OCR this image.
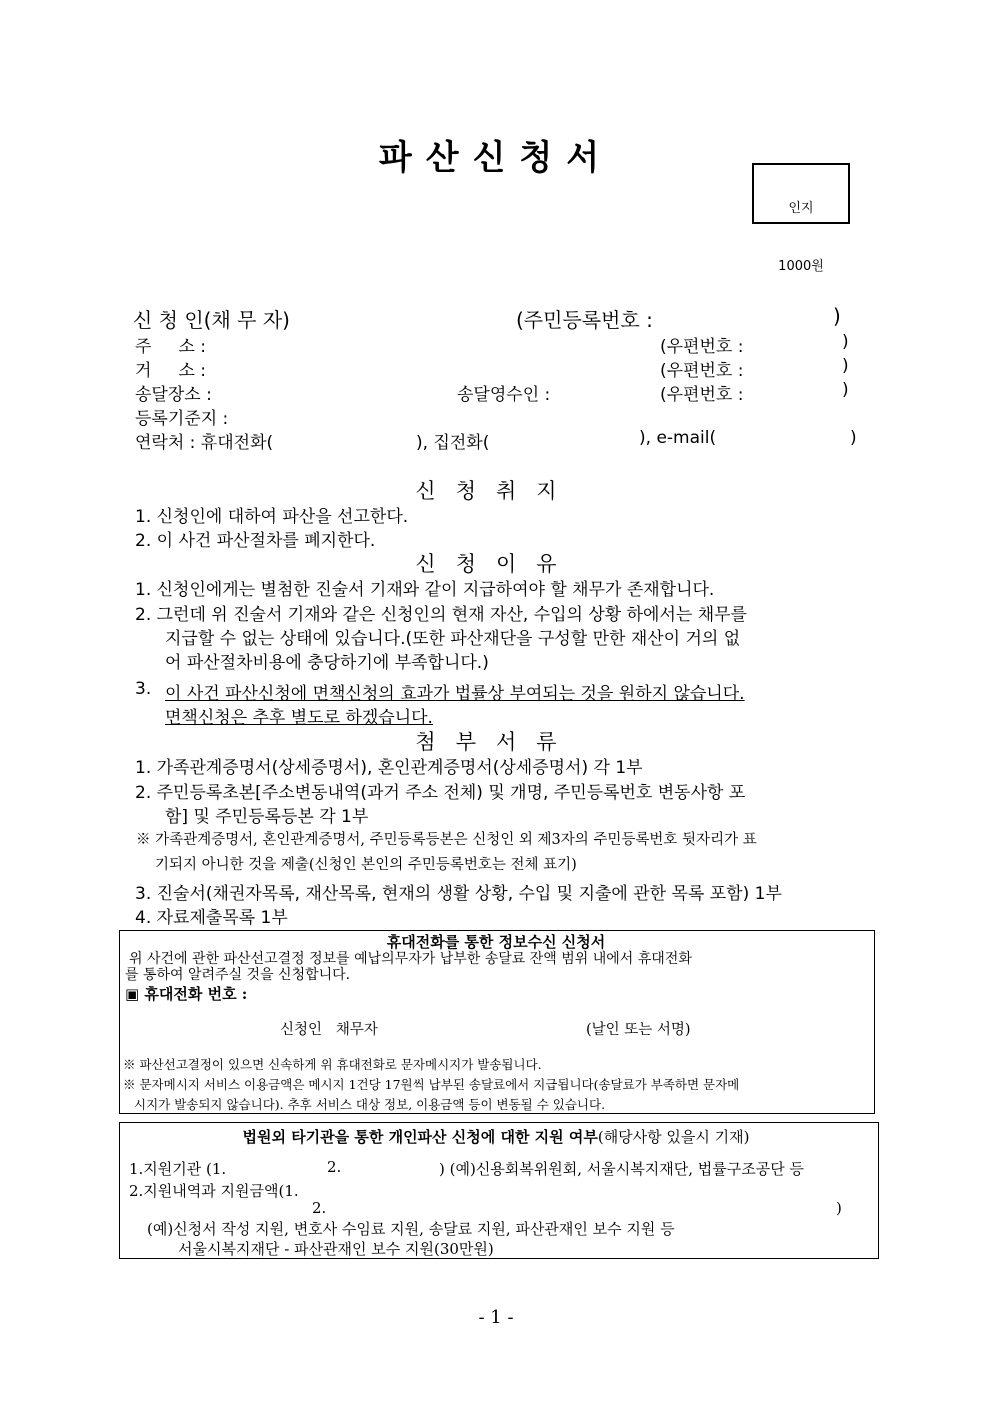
파산신청서

인지

1000원

신 청 인(채 무 자)	(주민등록번호 :	)
주     소 :	(우편번호 :	)
거     소 :	(우편번호 :	)
송달장소 :	송달영수인 :	(우편번호 :	)
등록기준지 :
연락처 : 휴대전화(	), 집전화(	), e-mail(	)
신청취지
1. 신청인에 대하여 파산을 선고한다.
2. 이 사건 파산절차를 폐지한다.
신청이유
1. 신청인에게는 별첨한 진술서 기재와 같이 지급하여야 할 채무가 존재합니다.
2. 그런데 위 진술서 기재와 같은 신청인의 현재 자산, 수입의 상황 하에서는 채무를
지급할 수 없는 상태에 있습니다.(또한 파산재단을 구성할 만한 재산이 거의 없
어 파산절차비용에 충당하기에 부족합니다.)
3. 이 사건 파산신청에 면책신청의 효과가 법률상 부여되는 것을 원하지 않습니다.
면책신청은 추후 별도로 하겠습니다.
첨부서류
1. 가족관계증명서(상세증명서), 혼인관계증명서(상세증명서) 각 1부
2. 주민등록초본[주소변동내역(과거 주소 전체) 및 개명, 주민등록번호 변동사항 포
함] 및 주민등록등본 각 1부
※ 가족관계증명서, 혼인관계증명서, 주민등록등본은 신청인 외 제3자의 주민등록번호 뒷자리가 표
기되지 아니한 것을 제출(신청인 본인의 주민등록번호는 전체 표기)
3. 진술서(채권자목록, 재산목록, 현재의 생활 상황, 수입 및 지출에 관한 목록 포함) 1부
4. 자료제출목록 1부
휴대전화를 통한 정보수신 신청서
위 사건에 관한 파산선고결정 정보를 예납의무자가 납부한 송달료 잔액 범위 내에서 휴대전화
를 통하여 알려주실 것을 신청합니다.
▣ 휴대전화 번호 :
신청인   채무자	(날인 또는 서명)
※ 파산선고결정이 있으면 신속하게 위 휴대전화로 문자메시지가 발송됩니다.
※ 문자메시지 서비스 이용금액은 메시지 1건당 17원씩 납부된 송달료에서 지급됩니다(송달료가 부족하면 문자메
시지가 발송되지 않습니다). 추후 서비스 대상 정보, 이용금액 등이 변동될 수 있습니다.
법원외 타기관을 통한 개인파산 신청에 대한 지원 여부(해당사항 있을시 기재)
1.지원기관 (1.	2.	) (예)신용회복위원회, 서울시복지재단, 법률구조공단 등
2.지원내역과 지원금액(1.
2.	)
(예)신청서 작성 지원, 변호사 수임료 지원, 송달료 지원, 파산관재인 보수 지원 등
서울시복지재단 - 파산관재인 보수 지원(30만원)
- 1 -
